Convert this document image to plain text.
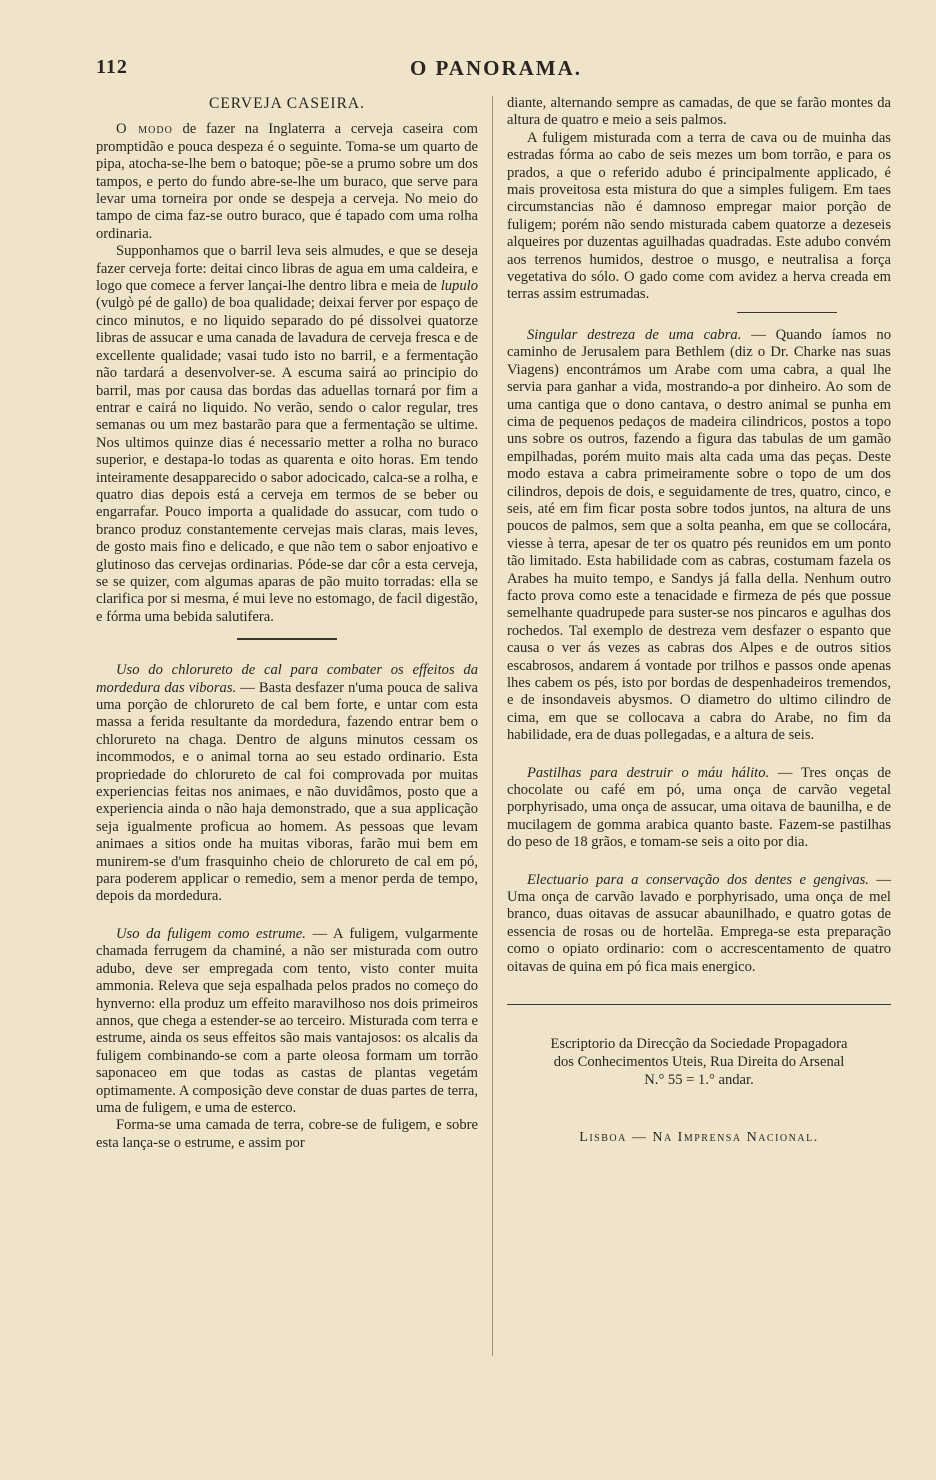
112	O PANORAMA.
CERVEJA CASEIRA.

O modo de fazer na Inglaterra a cerveja caseira com promptidão e pouca despeza é o seguinte. Toma-se um quarto de pipa, atocha-se-lhe bem o batoque; põe-se a prumo sobre um dos tampos, e perto do fundo abre-se-lhe um buraco, que serve para levar uma torneira por onde se despeja a cerveja. No meio do tampo de cima faz-se outro buraco, que é tapado com uma rolha ordinaria.

Supponhamos que o barril leva seis almudes, e que se deseja fazer cerveja forte: deitai cinco libras de agua em uma caldeira, e logo que comece a ferver lançai-lhe dentro libra e meia de lupulo (vulgò pé de gallo) de boa qualidade; deixai ferver por espaço de cinco minutos, e no liquido separado do pé dissolvei quatorze libras de assucar e uma canada de lavadura de cerveja fresca e de excellente qualidade; vasai tudo isto no barril, e a fermentação não tardará a desenvolver-se. A escuma sairá ao principio do barril, mas por causa das bordas das aduellas tornará por fim a entrar e cairá no liquido. No verão, sendo o calor regular, tres semanas ou um mez bastarão para que a fermentação se ultime. Nos ultimos quinze dias é necessario metter a rolha no buraco superior, e destapa-lo todas as quarenta e oito horas. Em tendo inteiramente desapparecido o sabor adocicado, calca-se a rolha, e quatro dias depois está a cerveja em termos de se beber ou engarrafar. Pouco importa a qualidade do assucar, com tudo o branco produz constantemente cervejas mais claras, mais leves, de gosto mais fino e delicado, e que não tem o sabor enjoativo e glutinoso das cervejas ordinarias. Póde-se dar côr a esta cerveja, se se quizer, com algumas aparas de pão muito torradas: ella se clarifica por si mesma, é mui leve no estomago, de facil digestão, e fórma uma bebida salutifera.

Uso do chlorureto de cal para combater os effeitos da mordedura das viboras. — Basta desfazer n'uma pouca de saliva uma porção de chlorureto de cal bem forte, e untar com esta massa a ferida resultante da mordedura, fazendo entrar bem o chlorureto na chaga. Dentro de alguns minutos cessam os incommodos, e o animal torna ao seu estado ordinario. Esta propriedade do chlorureto de cal foi comprovada por muitas experiencias feitas nos animaes, e não duvidâmos, posto que a experiencia ainda o não haja demonstrado, que a sua applicação seja igualmente proficua ao homem. As pessoas que levam animaes a sitios onde ha muitas viboras, farão mui bem em munirem-se d'um frasquinho cheio de chlorureto de cal em pó, para poderem applicar o remedio, sem a menor perda de tempo, depois da mordedura.

Uso da fuligem como estrume. — A fuligem, vulgarmente chamada ferrugem da chaminé, a não ser misturada com outro adubo, deve ser empregada com tento, visto conter muita ammonia. Releva que seja espalhada pelos prados no começo do hynverno: ella produz um effeito maravilhoso nos dois primeiros annos, que chega a estender-se ao terceiro. Misturada com terra e estrume, ainda os seus effeitos são mais vantajosos: os alcalis da fuligem combinando-se com a parte oleosa formam um torrão saponaceo em que todas as castas de plantas vegetám optimamente. A composição deve constar de duas partes de terra, uma de fuligem, e uma de esterco.

Forma-se uma camada de terra, cobre-se de fuligem, e sobre esta lança-se o estrume, e assim por

diante, alternando sempre as camadas, de que se farão montes da altura de quatro e meio a seis palmos.

A fuligem misturada com a terra de cava ou de muinha das estradas fórma ao cabo de seis mezes um bom torrão, e para os prados, a que o referido adubo é principalmente applicado, é mais proveitosa esta mistura do que a simples fuligem. Em taes circumstancias não é damnoso empregar maior porção de fuligem; porém não sendo misturada cabem quatorze a dezeseis alqueires por duzentas aguilhadas quadradas. Este adubo convém aos terrenos humidos, destroe o musgo, e neutralisa a força vegetativa do sólo. O gado come com avidez a herva creada em terras assim estrumadas.

Singular destreza de uma cabra. — Quando íamos no caminho de Jerusalem para Bethlem (diz o Dr. Charke nas suas Viagens) encontrámos um Arabe com uma cabra, a qual lhe servia para ganhar a vida, mostrando-a por dinheiro. Ao som de uma cantiga que o dono cantava, o destro animal se punha em cima de pequenos pedaços de madeira cilindricos, postos a topo uns sobre os outros, fazendo a figura das tabulas de um gamão empilhadas, porém muito mais alta cada uma das peças. Deste modo estava a cabra primeiramente sobre o topo de um dos cilindros, depois de dois, e seguidamente de tres, quatro, cinco, e seis, até em fim ficar posta sobre todos juntos, na altura de uns poucos de palmos, sem que a solta peanha, em que se collocára, viesse à terra, apesar de ter os quatro pés reunidos em um ponto tão limitado. Esta habilidade com as cabras, costumam fazela os Arabes ha muito tempo, e Sandys já falla della. Nenhum outro facto prova como este a tenacidade e firmeza de pés que possue semelhante quadrupede para suster-se nos pincaros e agulhas dos rochedos. Tal exemplo de destreza vem desfazer o espanto que causa o ver ás vezes as cabras dos Alpes e de outros sitios escabrosos, andarem á vontade por trilhos e passos onde apenas lhes cabem os pés, isto por bordas de despenhadeiros tremendos, e de insondaveis abysmos. O diametro do ultimo cilindro de cima, em que se collocava a cabra do Arabe, no fim da habilidade, era de duas pollegadas, e a altura de seis.

Pastilhas para destruir o máu hálito. — Tres onças de chocolate ou café em pó, uma onça de carvão vegetal porphyrisado, uma onça de assucar, uma oitava de baunilha, e de mucilagem de gomma arabica quanto baste. Fazem-se pastilhas do peso de 18 grãos, e tomam-se seis a oito por dia.

Electuario para a conservação dos dentes e gengivas. — Uma onça de carvão lavado e porphyrisado, uma onça de mel branco, duas oitavas de assucar abaunilhado, e quatro gotas de essencia de rosas ou de hortelãa. Emprega-se esta preparação como o opiato ordinario: com o accrescentamento de quatro oitavas de quina em pó fica mais energico.

Escriptorio da Direcção da Sociedade Propagadora
dos Conhecimentos Uteis, Rua Direita do Arsenal
N.° 55 = 1.° andar.
Lisboa — Na Imprensa Nacional.
